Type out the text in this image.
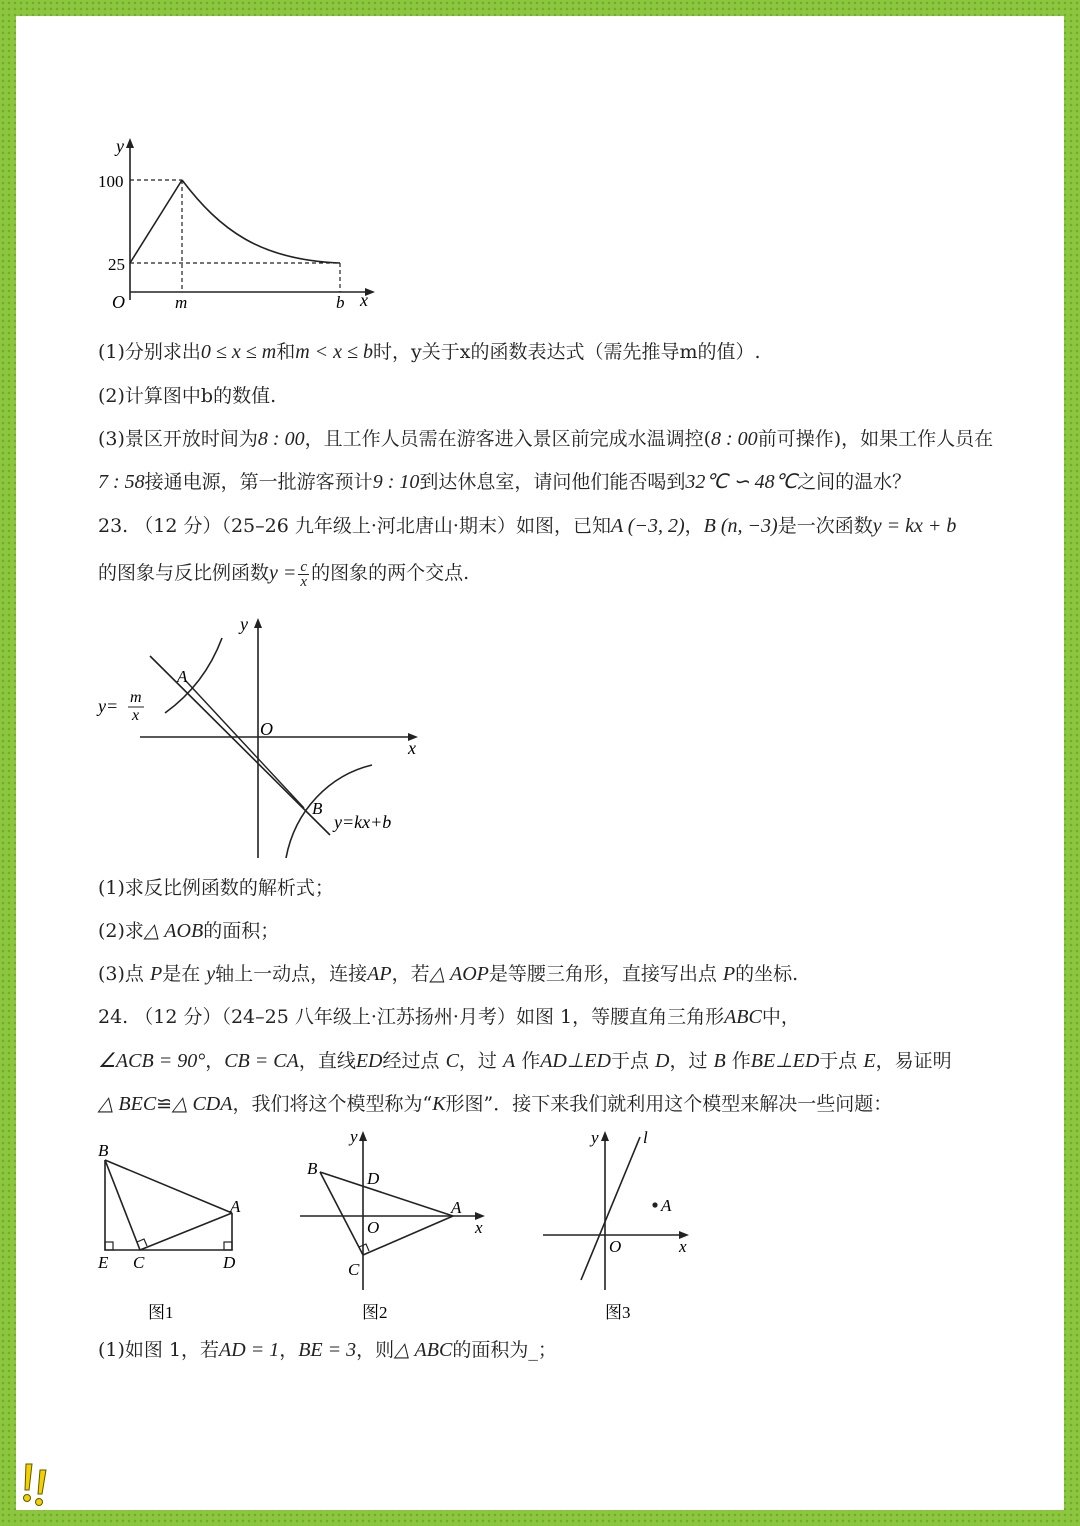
y
x
O
100
25
m	b
(1)分别求出0 ≤ x ≤ m和m < x ≤ b时，y关于x的函数表达式（需先推导m的值）.
(2)计算图中b的数值.
(3)景区开放时间为8 : 00，且工作人员需在游客进入景区前完成水温调控(8 : 00前可操作)，如果工作人员在
7 : 58接通电源，第一批游客预计9 : 10到达休息室，请问他们能否喝到32℃ ∽ 48℃之间的温水？
23. （12 分）（25–26 九年级上·河北唐山·期末）如图，已知A (−3, 2)，B (n, −3)是一次函数y = kx + b
的图象与反比例函数$y = \frac{c}{x}$ 的图象的两个交点.
y
x
O
A
B
y= m
x
y=kx+b
(1)求反比例函数的解析式；
(2)求△ AOB的面积；
(3)点 P是在 y轴上一动点，连接AP，若△ AOP是等腰三角形，直接写出点 P的坐标.
24. （12 分）（24–25 八年级上·江苏扬州·月考）如图 1，等腰直角三角形ABC中，
∠ACB = 90°，CB = CA，直线ED经过点 C，过 A 作AD⊥ED于点 D，过 B 作BE⊥ED于点 E，易证明
△ BEC≌△ CDA，我们将这个模型称为“K形图”．接下来我们就利用这个模型来解决一些问题：
B
A
E C	D
图1
y
x
B
D
A
O
C
图2
y	l
A
O	x
图3
(1)如图 1，若AD = 1，BE = 3，则△ ABC的面积为_；
